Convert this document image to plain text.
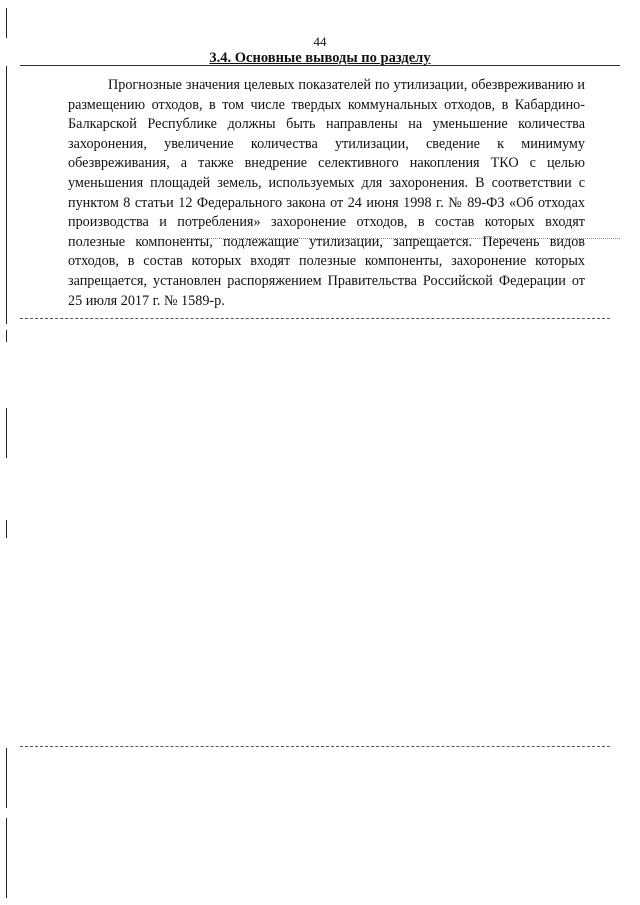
44
3.4. Основные выводы по разделу

Прогнозные значения целевых показателей по утилизации, обезвреживанию и размещению отходов, в том числе твердых коммунальных отходов, в Кабардино-Балкарской Республике должны быть направлены на уменьшение количества захоронения, увеличение количества утилизации, сведение к минимуму обезвреживания, а также внедрение селективного накопления ТКО с целью уменьшения площадей земель, используемых для захоронения. В соответствии с пунктом 8 статьи 12 Федерального закона от 24 июня 1998 г. № 89-ФЗ «Об отходах производства и потребления» захоронение отходов, в состав которых входят полезные компоненты, подлежащие утилизации, запрещается. Перечень видов отходов, в состав которых входят полезные компоненты, захоронение которых запрещается, установлен распоряжением Правительства Российской Федерации от 25 июля 2017 г. № 1589-р.
